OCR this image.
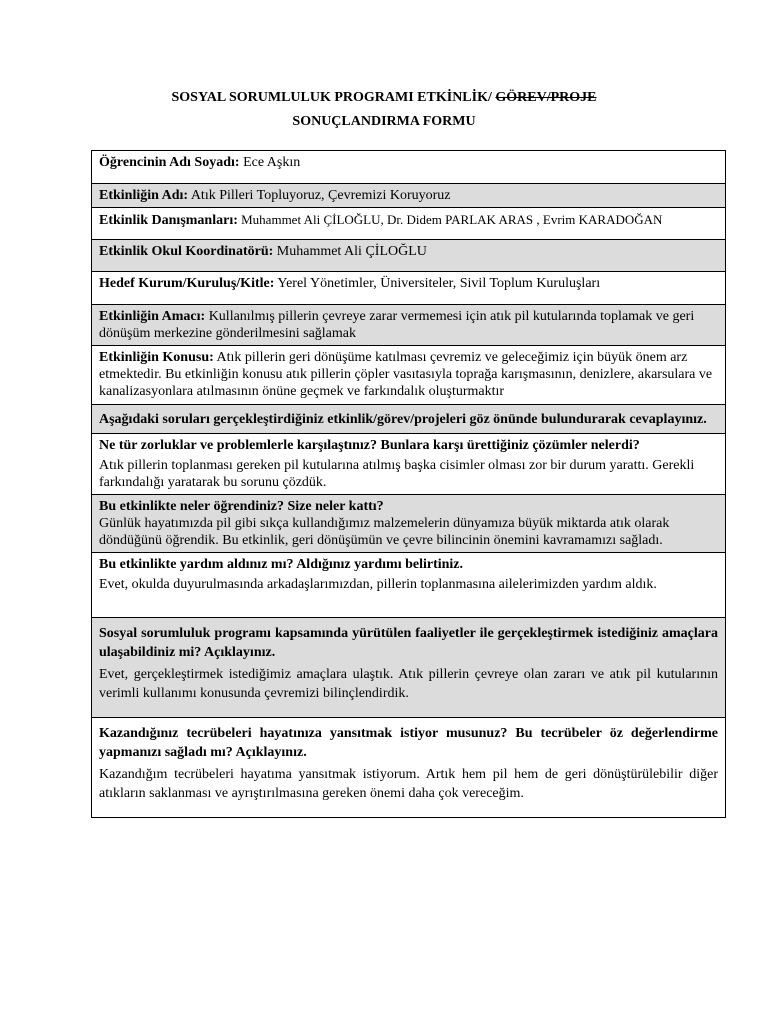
SOSYAL SORUMLULUK PROGRAMI ETKİNLİK/ GÖREV/PROJE
SONUÇLANDIRMA FORMU
Öğrencinin Adı Soyadı: Ece Aşkın
Etkinliğin Adı: Atık Pilleri Topluyoruz, Çevremizi Koruyoruz
Etkinlik Danışmanları: Muhammet Ali ÇİLOĞLU, Dr. Didem PARLAK ARAS , Evrim KARADOĞAN
Etkinlik Okul Koordinatörü: Muhammet Ali ÇİLOĞLU
Hedef Kurum/Kuruluş/Kitle: Yerel Yönetimler, Üniversiteler, Sivil Toplum Kuruluşları
Etkinliğin Amacı: Kullanılmış pillerin çevreye zarar vermemesi için atık pil kutularında toplamak ve geri dönüşüm merkezine gönderilmesini sağlamak
Etkinliğin Konusu: Atık pillerin geri dönüşüme katılması çevremiz ve geleceğimiz için büyük önem arz etmektedir. Bu etkinliğin konusu atık pillerin çöpler vasıtasıyla toprağa karışmasının, denizlere, akarsulara ve kanalizasyonlara atılmasının önüne geçmek ve farkındalık oluşturmaktır
Aşağıdaki soruları gerçekleştirdiğiniz etkinlik/görev/projeleri göz önünde bulundurarak cevaplayınız.

Ne tür zorluklar ve problemlerle karşılaştınız? Bunlara karşı ürettiğiniz çözümler nelerdi?
Atık pillerin toplanması gereken pil kutularına atılmış başka cisimler olması zor bir durum yarattı. Gerekli farkındalığı yaratarak bu sorunu çözdük.

Bu etkinlikte neler öğrendiniz? Size neler kattı?
Günlük hayatımızda pil gibi sıkça kullandığımız malzemelerin dünyamıza büyük miktarda atık olarak döndüğünü öğrendik. Bu etkinlik, geri dönüşümün ve çevre bilincinin önemini kavramamızı sağladı.

Bu etkinlikte yardım aldınız mı? Aldığınız yardımı belirtiniz.
Evet, okulda duyurulmasında arkadaşlarımızdan, pillerin toplanmasına ailelerimizden yardım aldık.

Sosyal sorumluluk programı kapsamında yürütülen faaliyetler ile gerçekleştirmek istediğiniz amaçlara ulaşabildiniz mi? Açıklayınız.
Evet, gerçekleştirmek istediğimiz amaçlara ulaştık. Atık pillerin çevreye olan zararı ve atık pil kutularının verimli kullanımı konusunda çevremizi bilinçlendirdik.

Kazandığınız tecrübeleri hayatınıza yansıtmak istiyor musunuz? Bu tecrübeler öz değerlendirme yapmanızı sağladı mı? Açıklayınız.
Kazandığım tecrübeleri hayatıma yansıtmak istiyorum. Artık hem pil hem de geri dönüştürülebilir diğer atıkların saklanması ve ayrıştırılmasına gereken önemi daha çok vereceğim.
